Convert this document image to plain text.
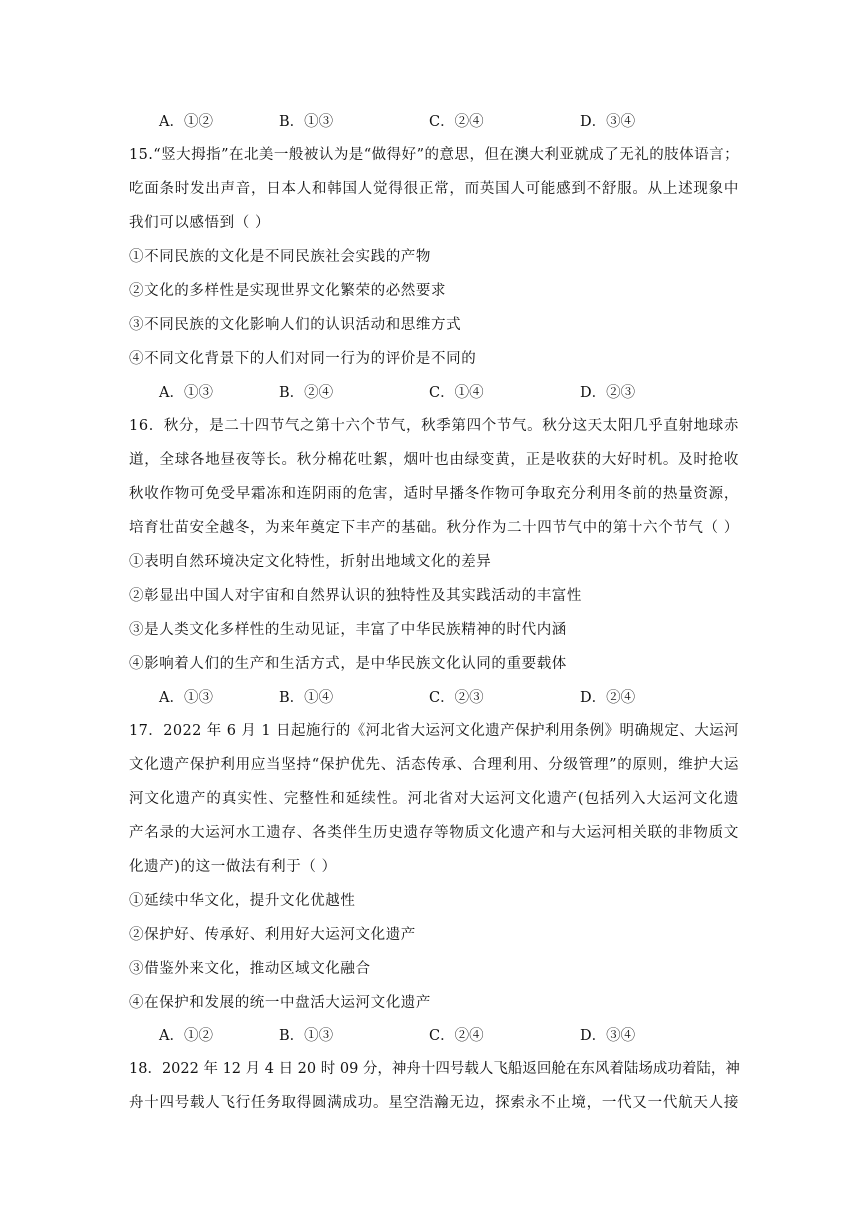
A．①②	B．①③	C．②④	D．③④
15.“竖大拇指”在北美一般被认为是“做得好”的意思，但在澳大利亚就成了无礼的肢体语言；
吃面条时发出声音，日本人和韩国人觉得很正常，而英国人可能感到不舒服。从上述现象中
我们可以感悟到（ ）
①不同民族的文化是不同民族社会实践的产物
②文化的多样性是实现世界文化繁荣的必然要求
③不同民族的文化影响人们的认识活动和思维方式
④不同文化背景下的人们对同一行为的评价是不同的
A．①③	B．②④	C．①④	D．②③
16．秋分，是二十四节气之第十六个节气，秋季第四个节气。秋分这天太阳几乎直射地球赤
道，全球各地昼夜等长。秋分棉花吐絮，烟叶也由绿变黄，正是收获的大好时机。及时抢收
秋收作物可免受早霜冻和连阴雨的危害，适时早播冬作物可争取充分利用冬前的热量资源，
培育壮苗安全越冬，为来年奠定下丰产的基础。秋分作为二十四节气中的第十六个节气（ ）
①表明自然环境决定文化特性，折射出地域文化的差异
②彰显出中国人对宇宙和自然界认识的独特性及其实践活动的丰富性
③是人类文化多样性的生动见证，丰富了中华民族精神的时代内涵
④影响着人们的生产和生活方式，是中华民族文化认同的重要载体
A．①③	B．①④	C．②③	D．②④
17．2022 年 6 月 1 日起施行的《河北省大运河文化遗产保护利用条例》明确规定、大运河
文化遗产保护利用应当坚持“保护优先、活态传承、合理利用、分级管理”的原则，维护大运
河文化遗产的真实性、完整性和延续性。河北省对大运河文化遗产(包括列入大运河文化遗
产名录的大运河水工遗存、各类伴生历史遗存等物质文化遗产和与大运河相关联的非物质文
化遗产)的这一做法有利于（ ）
①延续中华文化，提升文化优越性
②保护好、传承好、利用好大运河文化遗产
③借鉴外来文化，推动区域文化融合
④在保护和发展的统一中盘活大运河文化遗产
A．①②	B．①③	C．②④	D．③④
18．2022 年 12 月 4 日 20 时 09 分，神舟十四号载人飞船返回舱在东风着陆场成功着陆，神
舟十四号载人飞行任务取得圆满成功。星空浩瀚无边，探索永不止境，一代又一代航天人接
